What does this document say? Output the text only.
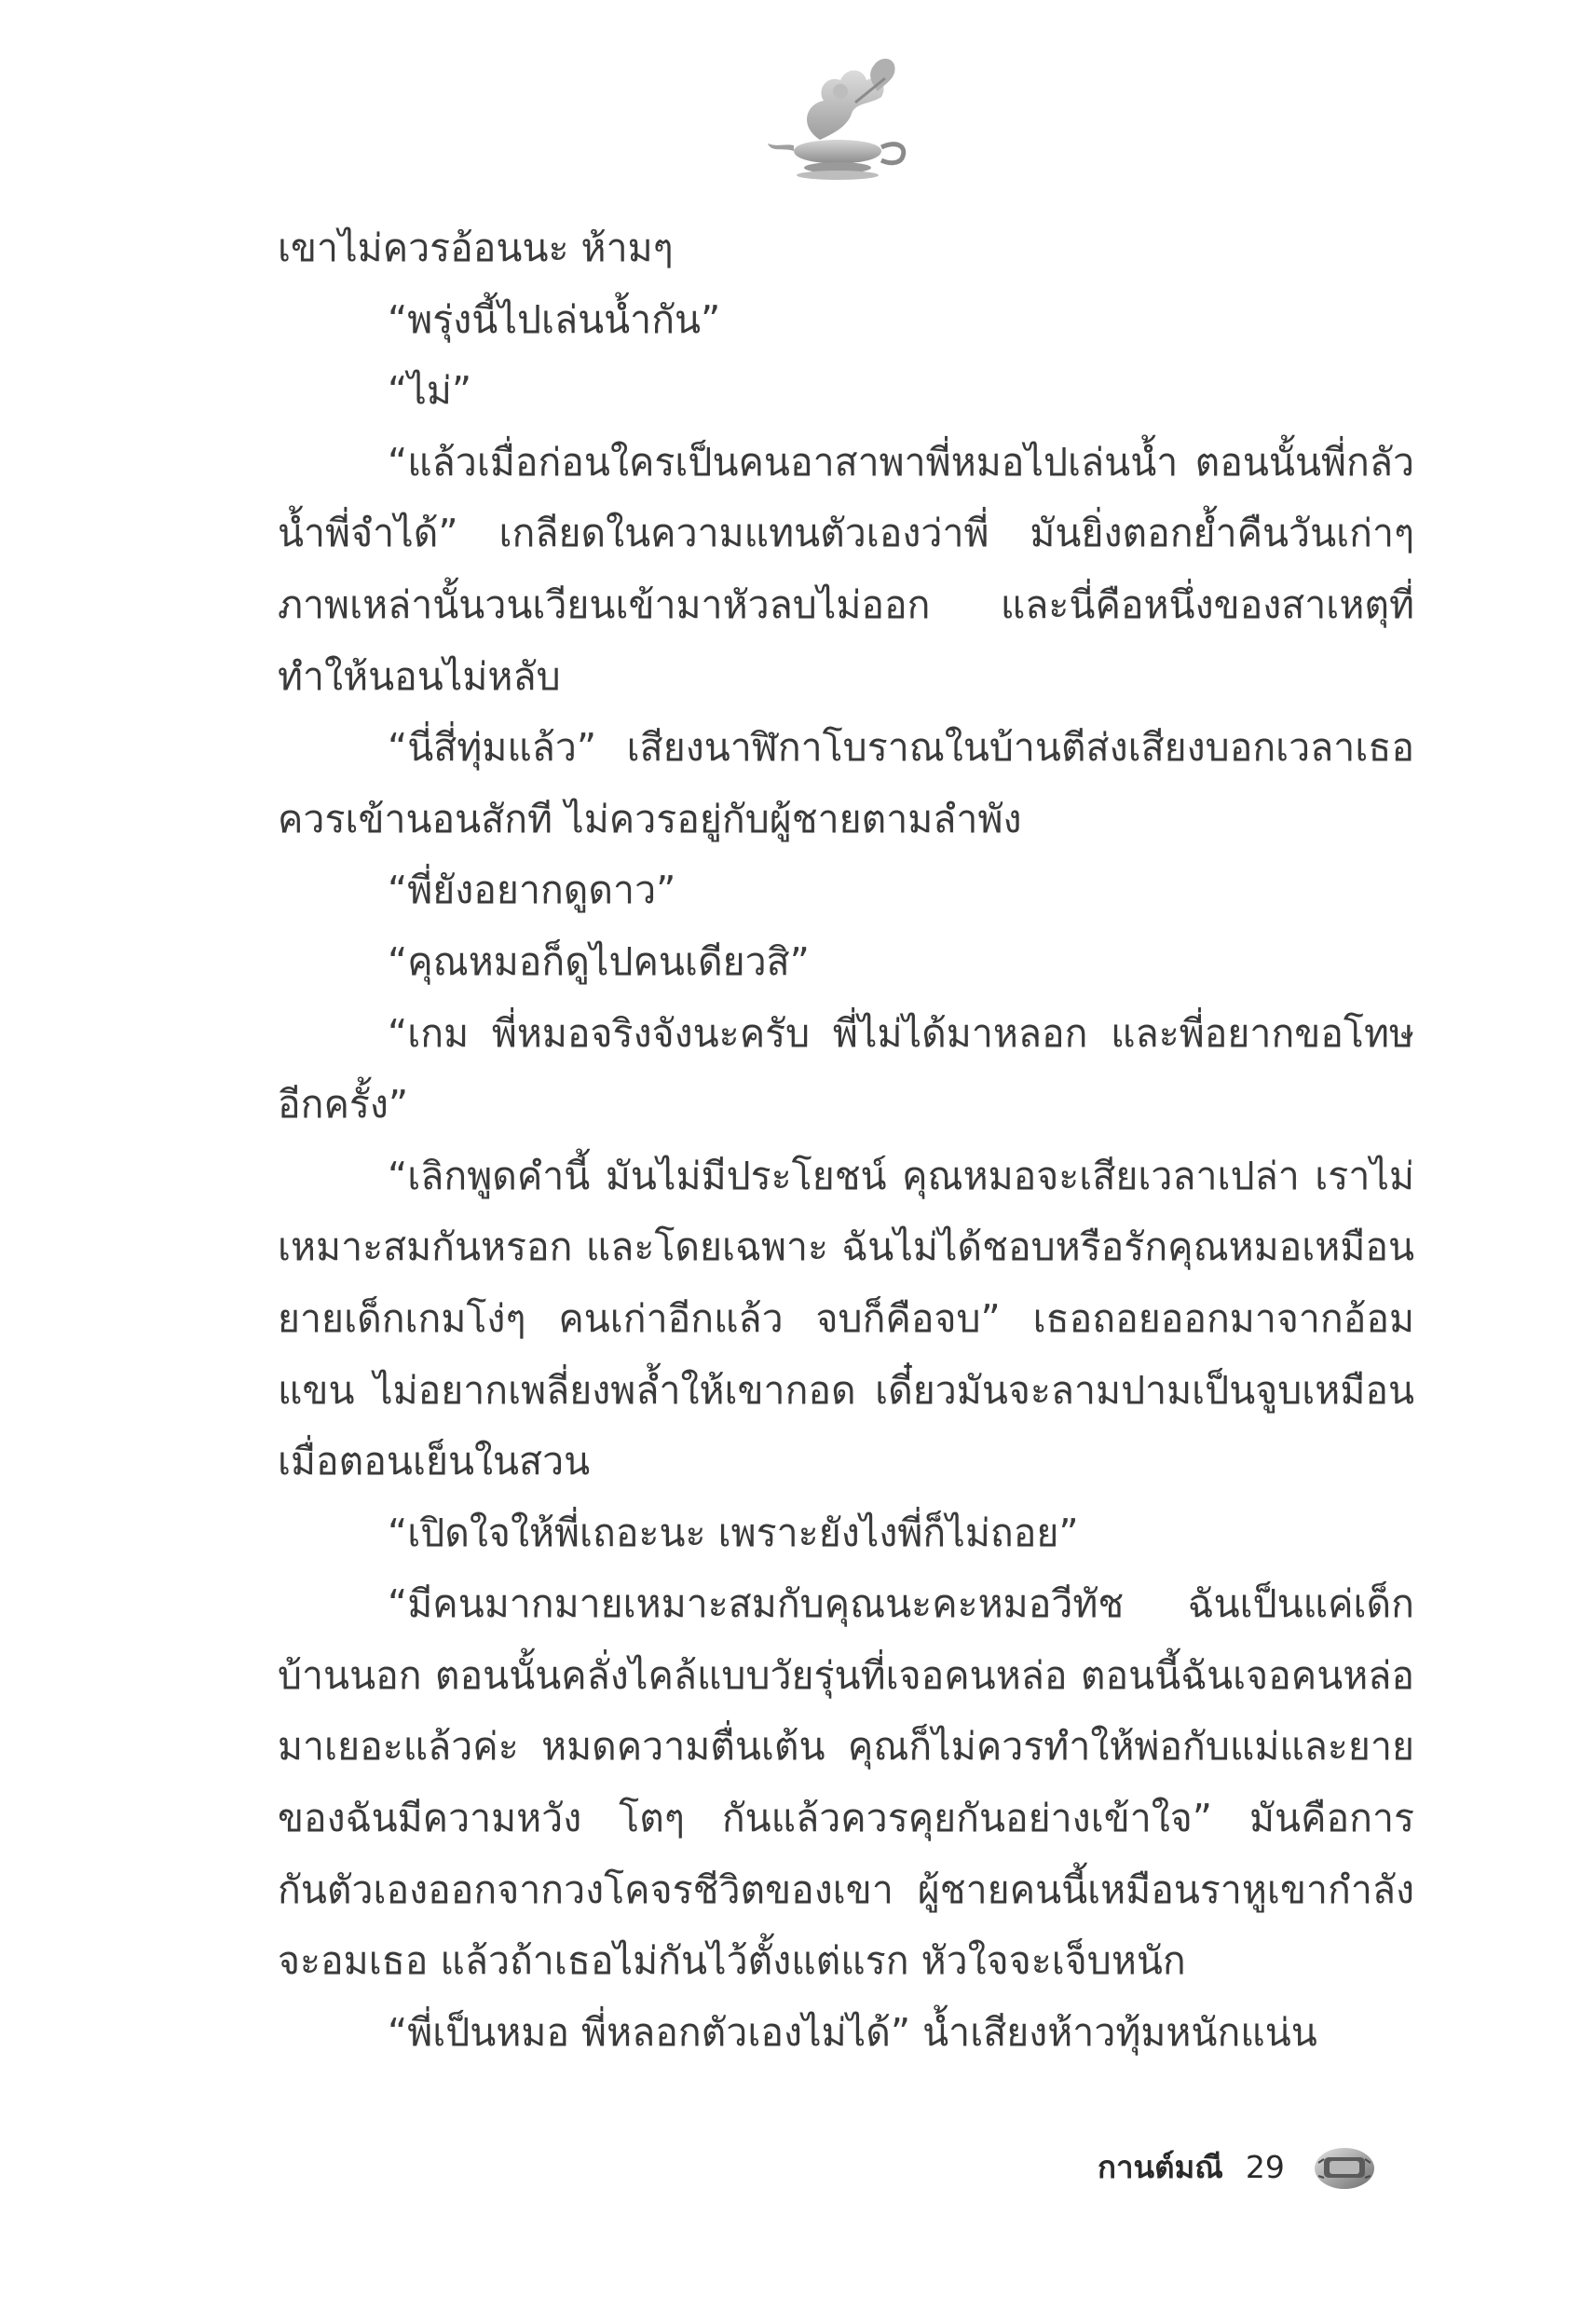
เขาไม่ควรอ้อนนะ ห้ามๆ

“พรุ่งนี้ไปเล่นน้ำกัน”

“ไม่”

“แล้วเมื่อก่อนใครเป็นคนอาสาพาพี่หมอไปเล่นน้ำ ตอนนั้นพี่กลัวน้ำพี่จำได้” เกลียดในความแทนตัวเองว่าพี่ มันยิ่งตอกย้ำคืนวันเก่าๆ ภาพเหล่านั้นวนเวียนเข้ามาหัวลบไม่ออก และนี่คือหนึ่งของสาเหตุที่ทำให้นอนไม่หลับ

“นี่สี่ทุ่มแล้ว” เสียงนาฬิกาโบราณในบ้านตีส่งเสียงบอกเวลาเธอควรเข้านอนสักที ไม่ควรอยู่กับผู้ชายตามลำพัง

“พี่ยังอยากดูดาว”

“คุณหมอก็ดูไปคนเดียวสิ”

“เกม พี่หมอจริงจังนะครับ พี่ไม่ได้มาหลอก และพี่อยากขอโทษอีกครั้ง”

“เลิกพูดคำนี้ มันไม่มีประโยชน์ คุณหมอจะเสียเวลาเปล่า เราไม่เหมาะสมกันหรอก และโดยเฉพาะ ฉันไม่ได้ชอบหรือรักคุณหมอเหมือนยายเด็กเกมโง่ๆ คนเก่าอีกแล้ว จบก็คือจบ” เธอถอยออกมาจากอ้อมแขน ไม่อยากเพลี่ยงพล้ำให้เขากอด เดี๋ยวมันจะลามปามเป็นจูบเหมือนเมื่อตอนเย็นในสวน

“เปิดใจให้พี่เถอะนะ เพราะยังไงพี่ก็ไม่ถอย”

“มีคนมากมายเหมาะสมกับคุณนะคะหมอวีทัช ฉันเป็นแค่เด็กบ้านนอก ตอนนั้นคลั่งไคล้แบบวัยรุ่นที่เจอคนหล่อ ตอนนี้ฉันเจอคนหล่อมาเยอะแล้วค่ะ หมดความตื่นเต้น คุณก็ไม่ควรทำให้พ่อกับแม่และยายของฉันมีความหวัง โตๆ กันแล้วควรคุยกันอย่างเข้าใจ” มันคือการกันตัวเองออกจากวงโคจรชีวิตของเขา ผู้ชายคนนี้เหมือนราหูเขากำลังจะอมเธอ แล้วถ้าเธอไม่กันไว้ตั้งแต่แรก หัวใจจะเจ็บหนัก

“พี่เป็นหมอ พี่หลอกตัวเองไม่ได้” น้ำเสียงห้าวทุ้มหนักแน่น

กานต์มณี 29
